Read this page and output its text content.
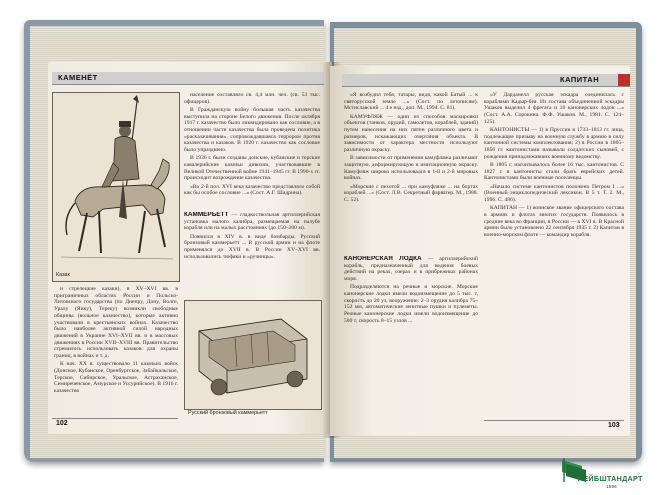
КАМЕНЁТ
Казак

население составляло св. 4,4 млн. чел. (св. 53 тыс. офицеров).

В Гражданскую войну большая часть казачества выступила на стороне Белого движения. После октября 1917 г. казачество было ликвидировано как сословие, а в отношении части казачества была проведена политика «расказачивания», сопровождавшаяся террором против казачества и казаков. В 1920 г. казачество как сословие было упразднено.

В 1936 г. были созданы донские, кубанские и терские кавалерийские казачьи дивизии, участвовавшие в Великой Отечественной войне 1941–1945 гг. В 1990-х гг. происходит возрождение казачества.

«Во 2-й пол. XVI века казачество представляло собой как бы особое сословие ...» (Сост. А.Г. Шадрина).

и стрелецкие казаки), в XV–XVI вв. в приграничных областях России и Польско-Литовского государства (по Днепру, Дону, Волге, Уралу (Яику), Тереку) возникли свободные общины (вольное казачество), которые активно участвовали в крестьянских войнах. Казачество было наиболее активной силой народных движений в Украине XVI–XVII вв. и в массовых движениях в России XVII–XVIII вв. Правительство стремилось использовать казаков для охраны границ, в войнах и т. д.

К нач. XX в. существовало 11 казачьих войск (Донское, Кубанское, Оренбургское, Забайкальское, Терское, Сибирское, Уральское, Астраханское, Семиреченское, Амурское и Уссурийское). В 1916 г. казачество

КАММЕРЬЕТТ — гладкоствольная артиллерийская установка малого калибра, размещаемая на палубе корабля или на малых расстояниях (до 150–200 м).

Появился в XIV в. в виде бомбарды. Русский бронзовый каммерьетт ... В русской армии и на флоте применялся до XVII в. В России XV–XVI вв. использовались тюфяки и «ручницы».

Русский бронзовый каммерьетт
102
КАПИТАН

«Я возбудил тебя, татары, видя, какой Батый ... к святорусской земле ...» (Сост. по летописям). Мстиславский ... 4 е изд., доп. М., 1994. С. 81).

КАМУФЛЯЖ — один из способов маскировки объектов (танков, орудий, самолетов, кораблей, зданий) путем нанесения на них пятен различного цвета и размеров, искажающих очертания объекта. В зависимости от характера местности используют различную окраску.

В зависимости от применения камуфляжа различают защитную, деформирующую и имитационную окраску. Камуфляж широко использовался в 1-й и 2-й мировых войнах.

«Морские с пехотой ... при камуфляже ... на бортах кораблей ...» (Сост. Л.В. Секретный фарватер. М., 1988. С. 52).

КАНОНЕРСКАЯ ЛОДКА — артиллерийский корабль, предназначенный для ведения боевых действий на реках, озерах и в прибрежных районах моря.

Подразделяются на речные и морские. Морские канонерские лодки имели водоизмещение до 5 тыс. т, скорость до 20 уз, вооружение: 2–3 орудия калибра 75–152 мм, автоматические зенитные пушки и пулеметы. Речные канонерские лодки имели водоизмещение до 500 т, скорость 8–15 узлов ...

«У Дарданелл русская эскадра соединилась с кораблями Кадыр-бея. Из состава объединенной эскадры Ушаков выделил 4 фрегата и 10 канонерских лодок ...» (Сост. А.А. Сорокина. Ф.Ф. Ушаков. М., 1981. С. 124–125).

КАНТОНИСТЫ — 1) в Пруссии в 1733–1813 гг. лица, подлежащие призыву на военную службу в армию в силу кантонной системы комплектования; 2) в России в 1805–1856 гг. кантонистами называли солдатских сыновей, с рождения принадлежавших военному ведомству.

В 1805 г. насчитывалось более 16 тыс. кантонистов. С 1827 г. в кантонисты стали брать еврейских детей. Кантонистами были военные поселенцы.

«Начало системе кантонистов положено Петром I ...» (Военный энциклопедический лексикон. В 5 т. Т. 2. М., 1996. С. 486).

КАПИТАН — 1) воинское звание офицерского состава в армиях и флотах многих государств. Появилось в средние века во Франции, в России — в XVI в. В Красной армии было установлено 22 сентября 1935 г. 2) Капитан в военно-морском флоте — командир корабля.

103
ЛЕЙБШТАНДАРТ
1996
